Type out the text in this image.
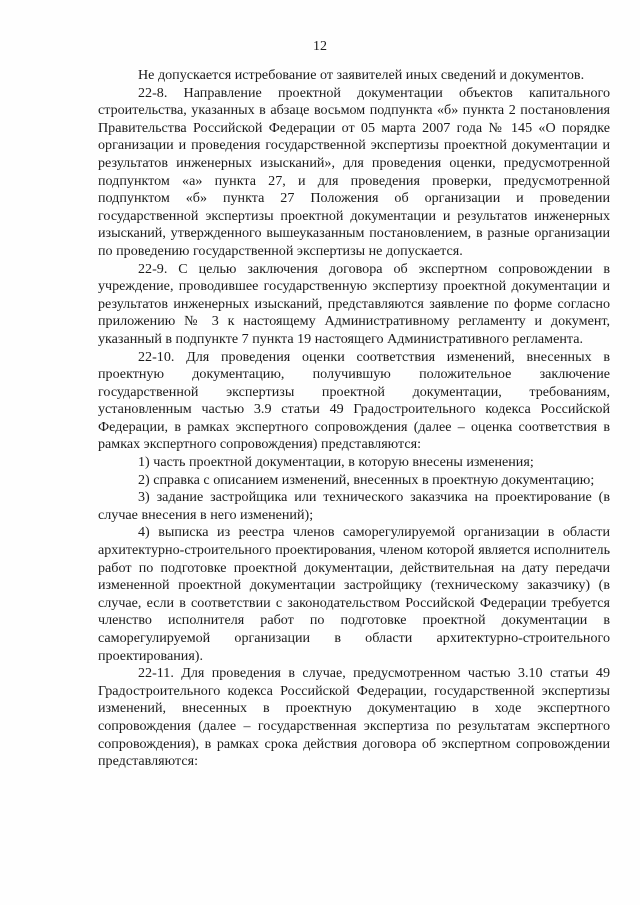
12

Не допускается истребование от заявителей иных сведений и документов.

22-8. Направление проектной документации объектов капитального строительства, указанных в абзаце восьмом подпункта «б» пункта 2 постановления Правительства Российской Федерации от 05 марта 2007 года № 145 «О порядке организации и проведения государственной экспертизы проектной документации и результатов инженерных изысканий», для проведения оценки, предусмотренной подпунктом «а» пункта 27, и для проведения проверки, предусмотренной подпунктом «б» пункта 27 Положения об организации и проведении государственной экспертизы проектной документации и результатов инженерных изысканий, утвержденного вышеуказанным постановлением, в разные организации по проведению государственной экспертизы не допускается.

22-9. С целью заключения договора об экспертном сопровождении в учреждение, проводившее государственную экспертизу проектной документации и результатов инженерных изысканий, представляются заявление по форме согласно приложению № 3 к настоящему Административному регламенту и документ, указанный в подпункте 7 пункта 19 настоящего Административного регламента.

22-10. Для проведения оценки соответствия изменений, внесенных в проектную документацию, получившую положительное заключение государственной экспертизы проектной документации, требованиям, установленным частью 3.9 статьи 49 Градостроительного кодекса Российской Федерации, в рамках экспертного сопровождения (далее – оценка соответствия в рамках экспертного сопровождения) представляются:

1) часть проектной документации, в которую внесены изменения;

2) справка с описанием изменений, внесенных в проектную документацию;

3) задание застройщика или технического заказчика на проектирование (в случае внесения в него изменений);

4) выписка из реестра членов саморегулируемой организации в области архитектурно-строительного проектирования, членом которой является исполнитель работ по подготовке проектной документации, действительная на дату передачи измененной проектной документации застройщику (техническому заказчику) (в случае, если в соответствии с законодательством Российской Федерации требуется членство исполнителя работ по подготовке проектной документации в саморегулируемой организации в области архитектурно-строительного проектирования).

22-11. Для проведения в случае, предусмотренном частью 3.10 статьи 49 Градостроительного кодекса Российской Федерации, государственной экспертизы изменений, внесенных в проектную документацию в ходе экспертного сопровождения (далее – государственная экспертиза по результатам экспертного сопровождения), в рамках срока действия договора об экспертном сопровождении представляются:
